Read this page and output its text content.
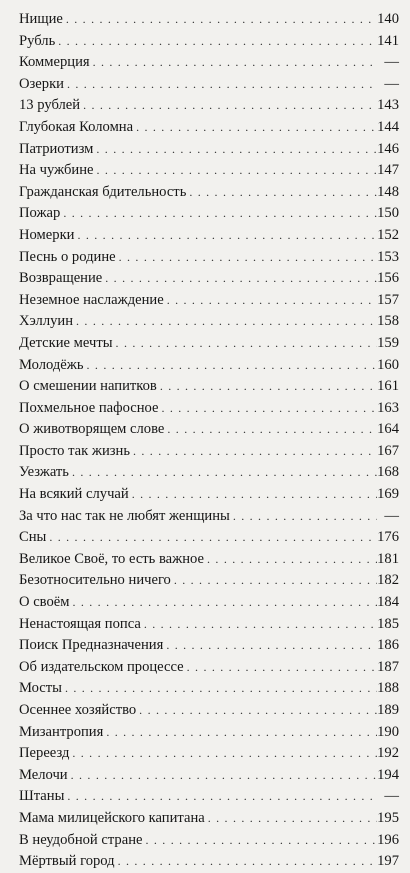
Нищие . . .	140
Рубль . . .	141
Коммерция . . .	—
Озерки . . .	—
13 рублей . . .	143
Глубокая Коломна . . .	144
Патриотизм . . .	146
На чужбине . . .	147
Гражданская бдительность . . .	148
Пожар . . .	150
Номерки . . .	152
Песнь о родине . . .	153
Возвращение . . .	156
Неземное наслаждение . . .	157
Хэллуин . . .	158
Детские мечты . . .	159
Молодёжь . . .	160
О смешении напитков . . .	161
Похмельное пафосное . . .	163
О животворящем слове . . .	164
Просто так жизнь . . .	167
Уезжать . . .	168
На всякий случай . . .	169
За что нас так не любят женщины . . .	—
Сны . . .	176
Великое Своё, то есть важное . . .	181
Безотносительно ничего . . .	182
О своём . . .	184
Ненастоящая попса . . .	185
Поиск Предназначения . . .	186
Об издательском процессе . . .	187
Мосты . . .	188
Осеннее хозяйство . . .	189
Мизантропия . . .	190
Переезд . . .	192
Мелочи . . .	194
Штаны . . .	—
Мама милицейского капитана . . .	195
В неудобной стране . . .	196
Мёртвый город . . .	197
